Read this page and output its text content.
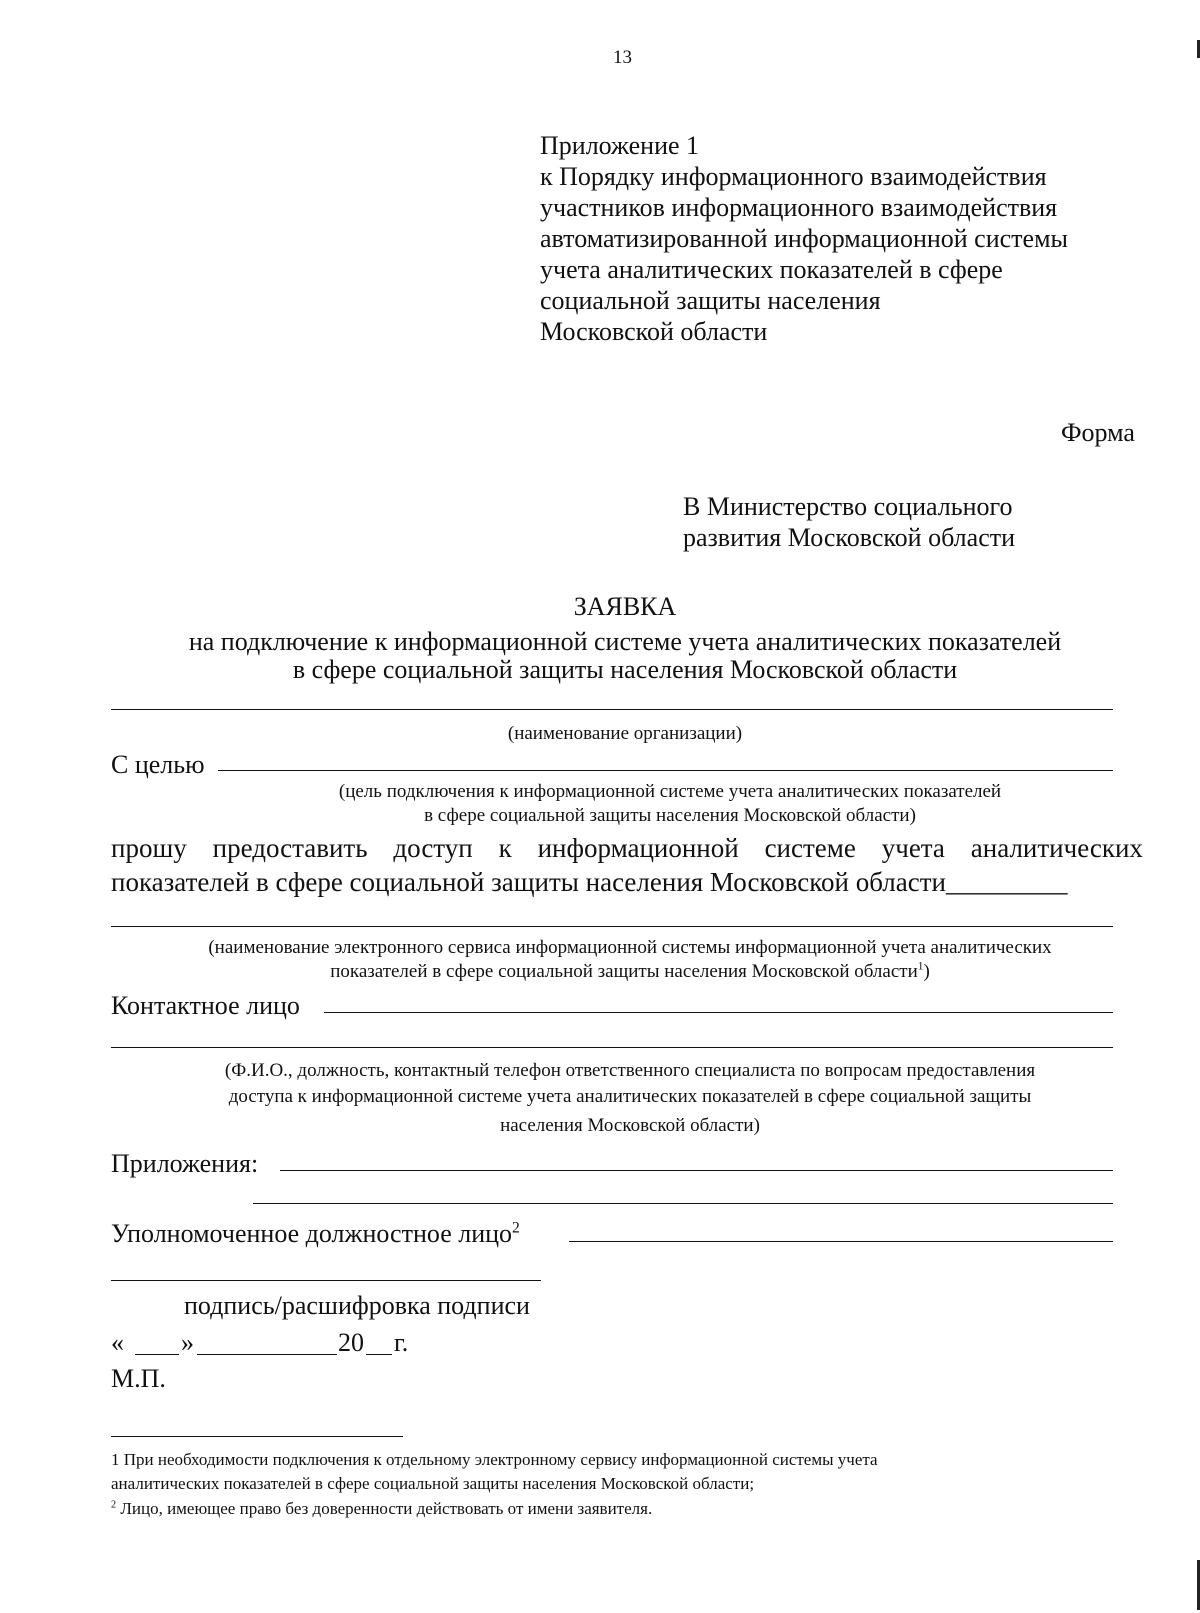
13
Приложение 1
к Порядку информационного взаимодействия
участников информационного взаимодействия
автоматизированной информационной системы
учета аналитических показателей в сфере
социальной защиты населения
Московской области
Форма
В Министерство социального
развития Московской области
ЗАЯВКА
на подключение к информационной системе учета аналитических показателей
в сфере социальной защиты населения Московской области
(наименование организации)
С целью
(цель подключения к информационной системе учета аналитических показателей
в сфере социальной защиты населения Московской области)
прошу предоставить доступ к информационной системе учета аналитических
показателей в сфере социальной защиты населения Московской области_________
(наименование электронного сервиса информационной системы информационной учета аналитических
показателей в сфере социальной защиты населения Московской области$^1$)
Контактное лицо
(Ф.И.О., должность, контактный телефон ответственного специалиста по вопросам предоставления
доступа к информационной системе учета аналитических показателей в сфере социальной защиты
населения Московской области)
Приложения:
Уполномоченное должностное лицо$^2$
подпись/расшифровка подписи
« »	20 г.
М.П.
1 При необходимости подключения к отдельному электронному сервису информационной системы учета
аналитических показателей в сфере социальной защиты населения Московской области;
$^2$ Лицо, имеющее право без доверенности действовать от имени заявителя.
